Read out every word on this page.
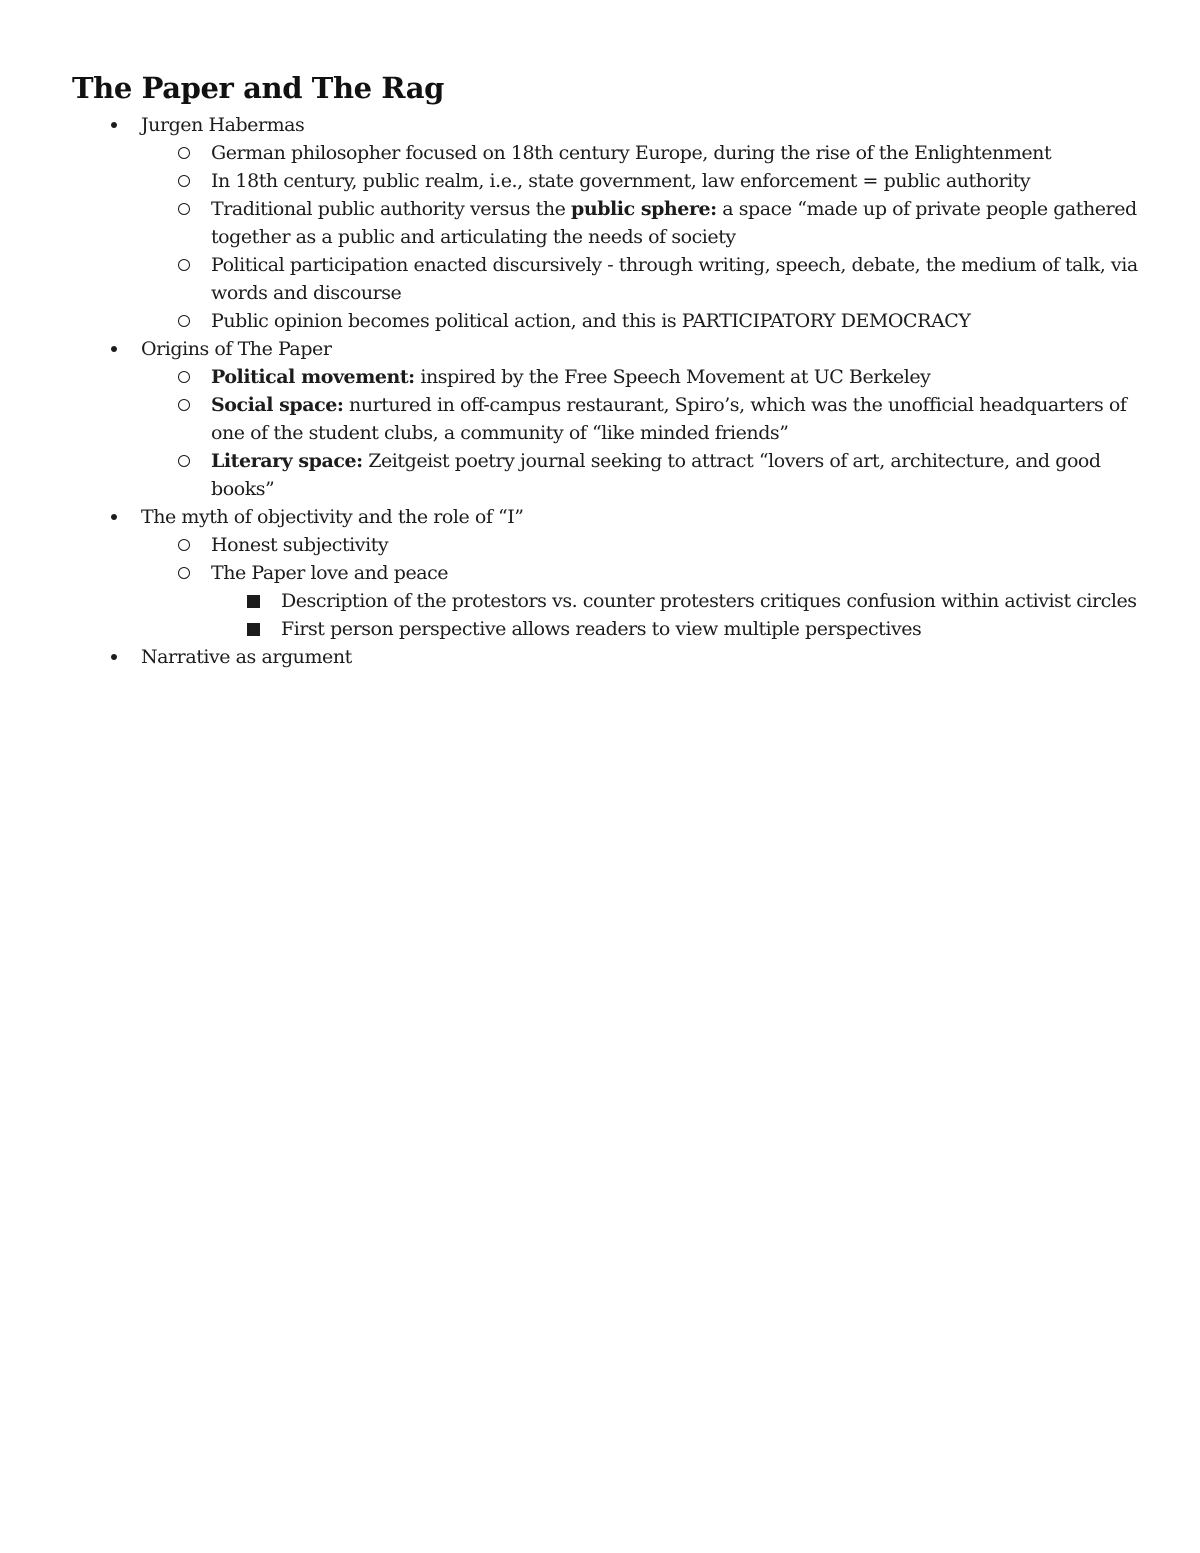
The Paper and The Rag
Jurgen Habermas
German philosopher focused on 18th century Europe, during the rise of the Enlightenment
In 18th century, public realm, i.e., state government, law enforcement = public authority
Traditional public authority versus the public sphere: a space “made up of private people gathered together as a public and articulating the needs of society
Political participation enacted discursively - through writing, speech, debate, the medium of talk, via words and discourse
Public opinion becomes political action, and this is PARTICIPATORY DEMOCRACY
Origins of The Paper
Political movement: inspired by the Free Speech Movement at UC Berkeley
Social space: nurtured in off-campus restaurant, Spiro’s, which was the unofficial headquarters of one of the student clubs, a community of “like minded friends”
Literary space: Zeitgeist poetry journal seeking to attract “lovers of art, architecture, and good books”
The myth of objectivity and the role of “I”
Honest subjectivity
The Paper love and peace
Description of the protestors vs. counter protesters critiques confusion within activist circles
First person perspective allows readers to view multiple perspectives
Narrative as argument
